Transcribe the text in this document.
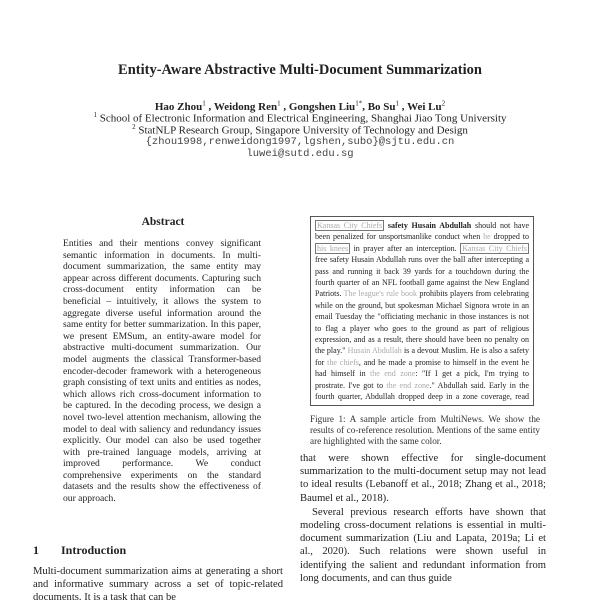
Entity-Aware Abstractive Multi-Document Summarization
Hao Zhou$^1$ , Weidong Ren$^1$ , Gongshen Liu$^{1*}$, Bo Su$^1$ , Wei Lu$^2$
$^1$ School of Electronic Information and Electrical Engineering, Shanghai Jiao Tong University
$^2$ StatNLP Research Group, Singapore University of Technology and Design
{zhou1998,renweidong1997,lgshen,subo}@sjtu.edu.cn
luwei@sutd.edu.sg
Abstract
Entities and their mentions convey significant semantic information in documents. In multi-document summarization, the same entity may appear across different documents. Capturing such cross-document entity information can be beneficial – intuitively, it allows the system to aggregate diverse useful information around the same entity for better summarization. In this paper, we present EMSum, an entity-aware model for abstractive multi-document summarization. Our model augments the classical Transformer-based encoder-decoder framework with a heterogeneous graph consisting of text units and entities as nodes, which allows rich cross-document information to be captured. In the decoding process, we design a novel two-level attention mechanism, allowing the model to deal with saliency and redundancy issues explicitly. Our model can also be used together with pre-trained language models, arriving at improved performance. We conduct comprehensive experiments on the standard datasets and the results show the effectiveness of our approach.
1 Introduction
Multi-document summarization aims at generating a short and informative summary across a set of topic-related documents. It is a task that can be
Kansas City Chiefs safety Husain Abdullah should not have been penalized for unsportsmanlike conduct when he dropped to his knees in prayer after an interception. Kansas City Chiefs free safety Husain Abdullah runs over the ball after intercepting a pass and running it back 39 yards for a touchdown during the fourth quarter of an NFL football game against the New England Patriots. The league's rule book prohibits players from celebrating while on the ground, but spokesman Michael Signora wrote in an email Tuesday the "officiating mechanic in those instances is not to flag a player who goes to the ground as part of religious expression, and as a result, there should have been no penalty on the play." Husain Abdullah is a devout Muslim. He is also a safety for the chiefs, and he made a promise to himself in the event he had himself in the end zone: "If I get a pick, I'm trying to prostrate. I've got to the end zone." Abdullah said. Early in the fourth quarter, Abdullah dropped deep in a zone coverage, read
Figure 1: A sample article from MultiNews. We show the results of co-reference resolution. Mentions of the same entity are highlighted with the same color.

that were shown effective for single-document summarization to the multi-document setup may not lead to ideal results (Lebanoff et al., 2018; Zhang et al., 2018; Baumel et al., 2018).

Several previous research efforts have shown that modeling cross-document relations is essential in multi-document summarization (Liu and Lapata, 2019a; Li et al., 2020). Such relations were shown useful in identifying the salient and redundant information from long documents, and can thus guide
